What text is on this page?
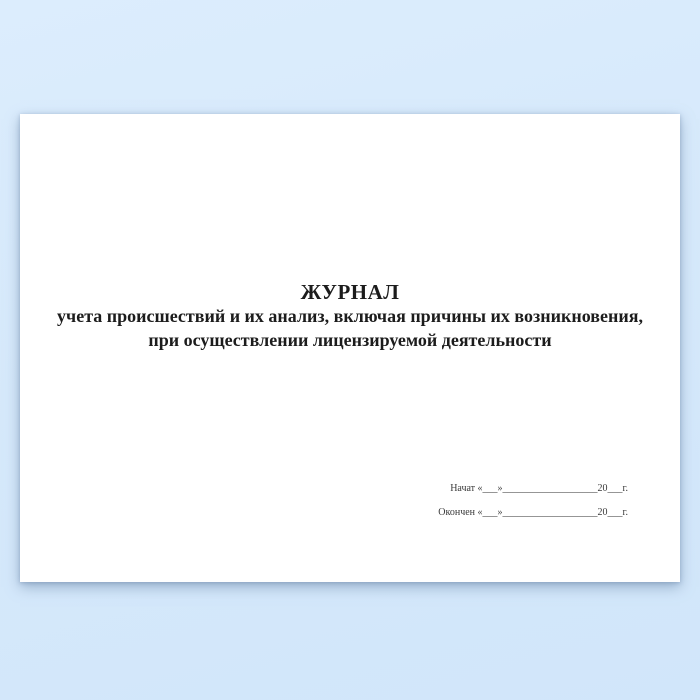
ЖУРНАЛ
учета происшествий и их анализ, включая причины их возникновения,
при осуществлении лицензируемой деятельности
Начат «___»___________________20___г.
Окончен «___»___________________20___г.
